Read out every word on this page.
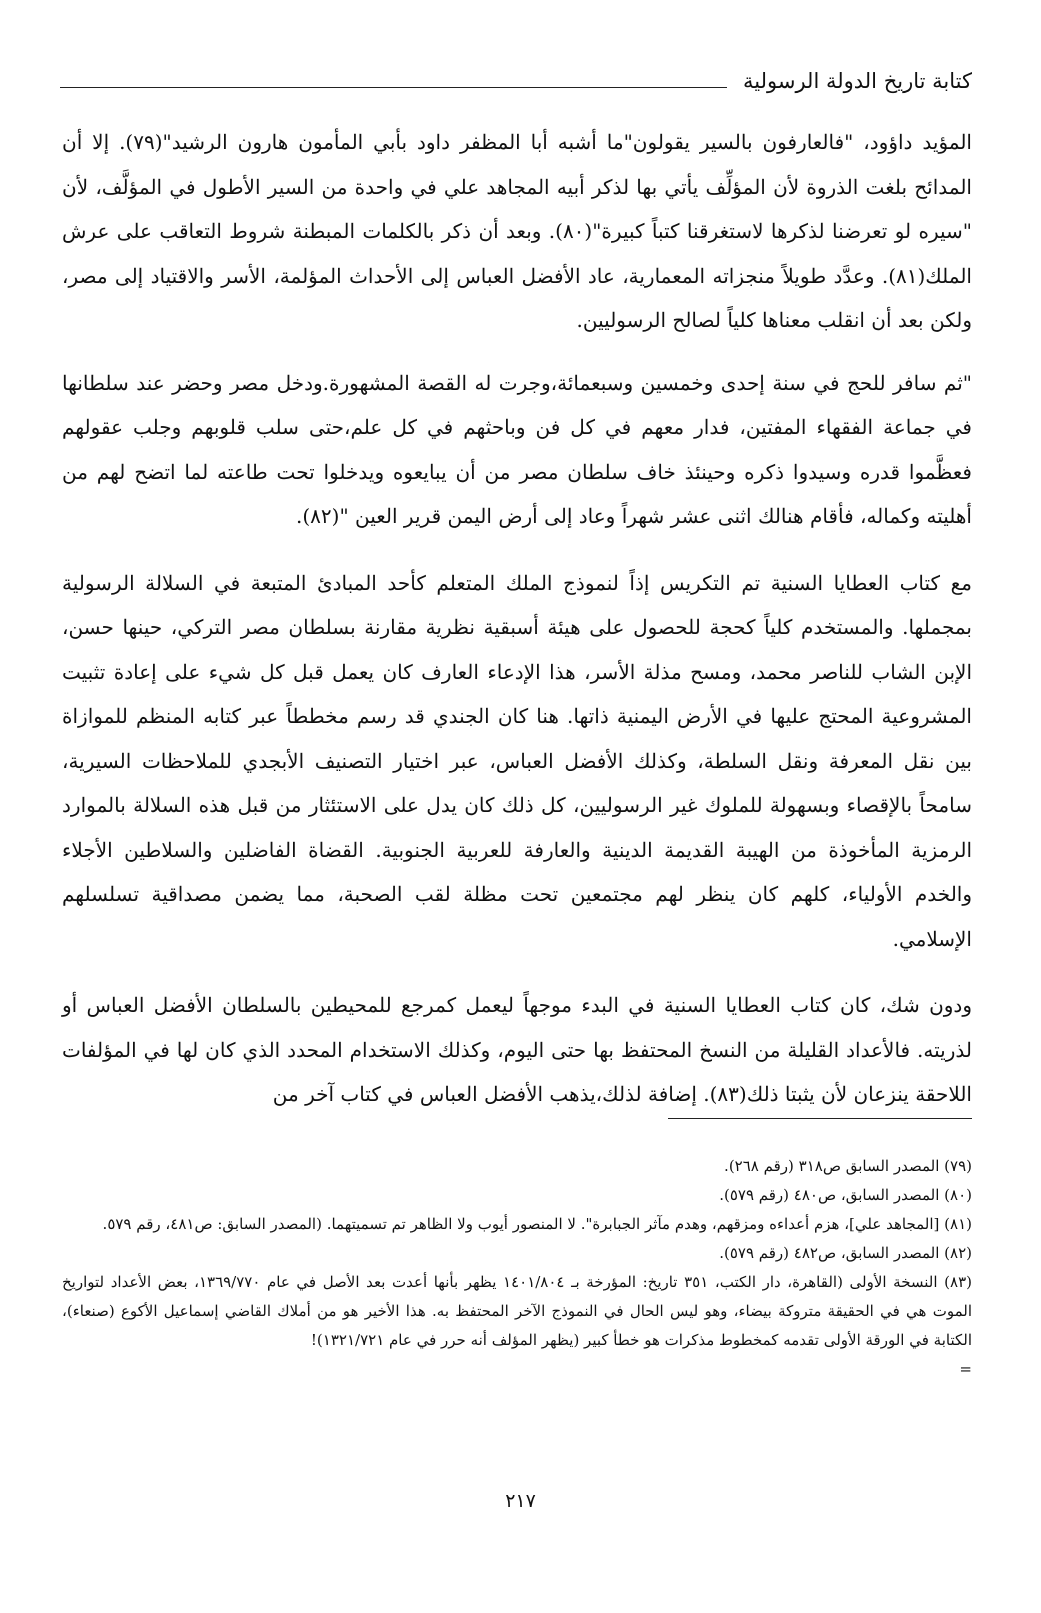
كتابة تاريخ الدولة الرسولية

المؤيد داؤود، "فالعارفون بالسير يقولون"ما أشبه أبا المظفر داود بأبي المأمون هارون الرشيد"(٧٩). إلا أن المدائح بلغت الذروة لأن المؤلِّف يأتي بها لذكر أبيه المجاهد علي في واحدة من السير الأطول في المؤلَّف، لأن "سيره لو تعرضنا لذكرها لاستغرقنا كتباً كبيرة"(٨٠). وبعد أن ذكر بالكلمات المبطنة شروط التعاقب على عرش الملك(٨١). وعدَّد طويلاً منجزاته المعمارية، عاد الأفضل العباس إلى الأحداث المؤلمة، الأسر والاقتياد إلى مصر، ولكن بعد أن انقلب معناها كلياً لصالح الرسوليين.

"ثم سافر للحج في سنة إحدى وخمسين وسبعمائة،وجرت له القصة المشهورة.ودخل مصر وحضر عند سلطانها في جماعة الفقهاء المفتين، فدار معهم في كل فن وباحثهم في كل علم،حتى سلب قلوبهم وجلب عقولهم فعظَّموا قدره وسيدوا ذكره وحينئذ خاف سلطان مصر من أن يبايعوه ويدخلوا تحت طاعته لما اتضح لهم من أهليته وكماله، فأقام هنالك اثنى عشر شهراً وعاد إلى أرض اليمن قرير العين "(٨٢).

مع كتاب العطايا السنية تم التكريس إذاً لنموذج الملك المتعلم كأحد المبادئ المتبعة في السلالة الرسولية بمجملها. والمستخدم كلياً كحجة للحصول على هيئة أسبقية نظرية مقارنة بسلطان مصر التركي، حينها حسن، الإبن الشاب للناصر محمد، ومسح مذلة الأسر، هذا الإدعاء العارف كان يعمل قبل كل شيء على إعادة تثبيت المشروعية المحتج عليها في الأرض اليمنية ذاتها. هنا كان الجندي قد رسم مخططاً عبر كتابه المنظم للموازاة بين نقل المعرفة ونقل السلطة، وكذلك الأفضل العباس، عبر اختيار التصنيف الأبجدي للملاحظات السيرية، سامحاً بالإقصاء وبسهولة للملوك غير الرسوليين، كل ذلك كان يدل على الاستئثار من قبل هذه السلالة بالموارد الرمزية المأخوذة من الهيبة القديمة الدينية والعارفة للعربية الجنوبية. القضاة الفاضلين والسلاطين الأجلاء والخدم الأولياء، كلهم كان ينظر لهم مجتمعين تحت مظلة لقب الصحبة، مما يضمن مصداقية تسلسلهم الإسلامي.

ودون شك، كان كتاب العطايا السنية في البدء موجهاً ليعمل كمرجع للمحيطين بالسلطان الأفضل العباس أو لذريته. فالأعداد القليلة من النسخ المحتفظ بها حتى اليوم، وكذلك الاستخدام المحدد الذي كان لها في المؤلفات اللاحقة ينزعان لأن يثبتا ذلك(٨٣). إضافة لذلك،يذهب الأفضل العباس في كتاب آخر من

(٧٩) المصدر السابق ص٣١٨ (رقم ٢٦٨).

(٨٠) المصدر السابق، ص٤٨٠ (رقم ٥٧٩).

(٨١) [المجاهد علي]، هزم أعداءه ومزقهم، وهدم مآثر الجبابرة". لا المنصور أيوب ولا الظاهر تم تسميتهما. (المصدر السابق: ص٤٨١، رقم ٥٧٩.

(٨٢) المصدر السابق، ص٤٨٢ (رقم ٥٧٩).

(٨٣) النسخة الأولى (القاهرة، دار الكتب، ٣٥١ تاريخ: المؤرخة بـ ١٤٠١/٨٠٤ يظهر بأنها أعدت بعد الأصل في عام ١٣٦٩/٧٧٠، بعض الأعداد لتواريخ الموت هي في الحقيقة متروكة بيضاء، وهو ليس الحال في النموذج الآخر المحتفظ به. هذا الأخير هو من أملاك القاضي إسماعيل الأكوع (صنعاء)، الكتابة في الورقة الأولى تقدمه كمخطوط مذكرات هو خطأ كبير (يظهر المؤلف أنه حرر في عام ١٣٢١/٧٢١)!

=

٢١٧
